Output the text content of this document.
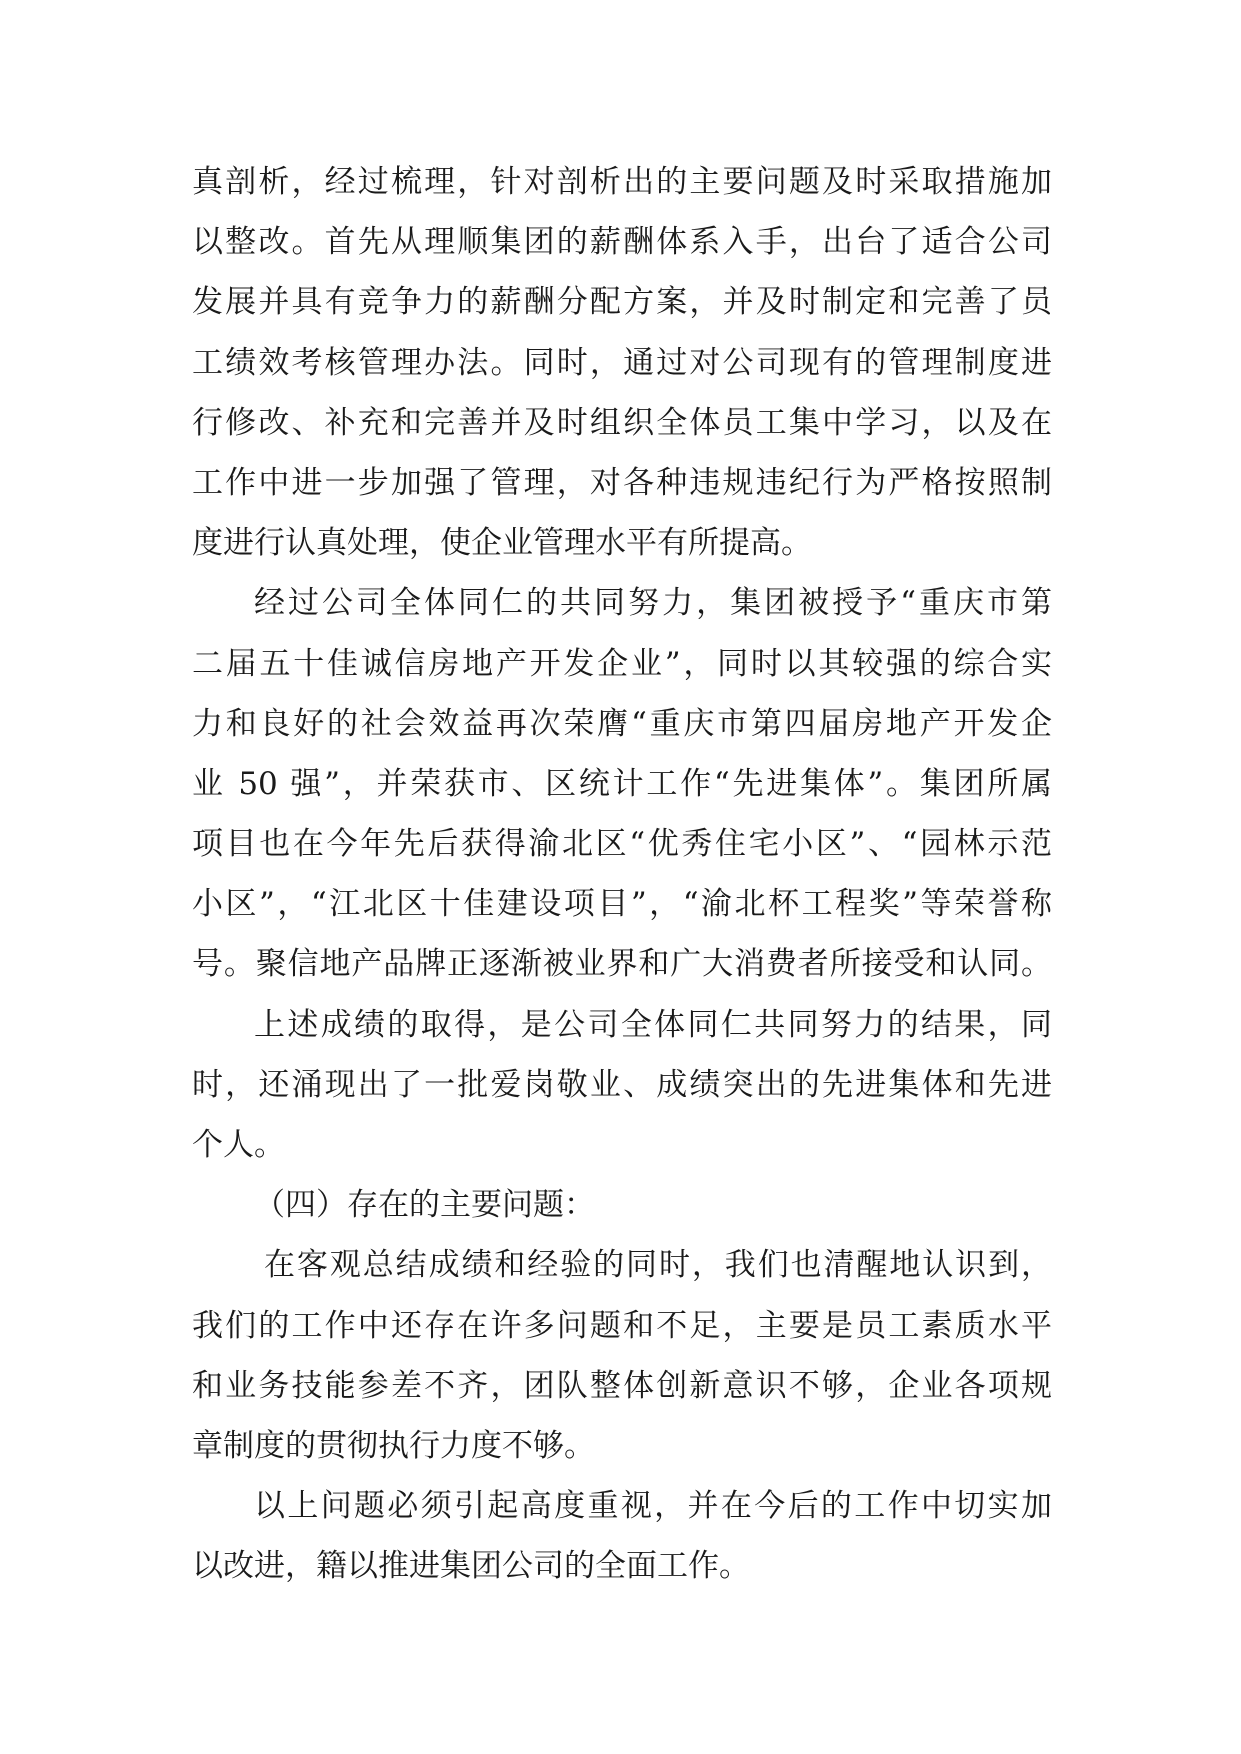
真剖析，经过梳理，针对剖析出的主要问题及时采取措施加
以整改。首先从理顺集团的薪酬体系入手，出台了适合公司
发展并具有竞争力的薪酬分配方案，并及时制定和完善了员
工绩效考核管理办法。同时，通过对公司现有的管理制度进
行修改、补充和完善并及时组织全体员工集中学习，以及在
工作中进一步加强了管理，对各种违规违纪行为严格按照制
度进行认真处理，使企业管理水平有所提高。
经过公司全体同仁的共同努力，集团被授予“重庆市第
二届五十佳诚信房地产开发企业”，同时以其较强的综合实
力和良好的社会效益再次荣膺“重庆市第四届房地产开发企
业 50 强”，并荣获市、区统计工作“先进集体”。集团所属
项目也在今年先后获得渝北区“优秀住宅小区”、“园林示范
小区”，“江北区十佳建设项目”，“渝北杯工程奖”等荣誉称
号。聚信地产品牌正逐渐被业界和广大消费者所接受和认同。
上述成绩的取得，是公司全体同仁共同努力的结果，同
时，还涌现出了一批爱岗敬业、成绩突出的先进集体和先进
个人。
（四）存在的主要问题：
在客观总结成绩和经验的同时，我们也清醒地认识到，
我们的工作中还存在许多问题和不足，主要是员工素质水平
和业务技能参差不齐，团队整体创新意识不够，企业各项规
章制度的贯彻执行力度不够。
以上问题必须引起高度重视，并在今后的工作中切实加
以改进，籍以推进集团公司的全面工作。
